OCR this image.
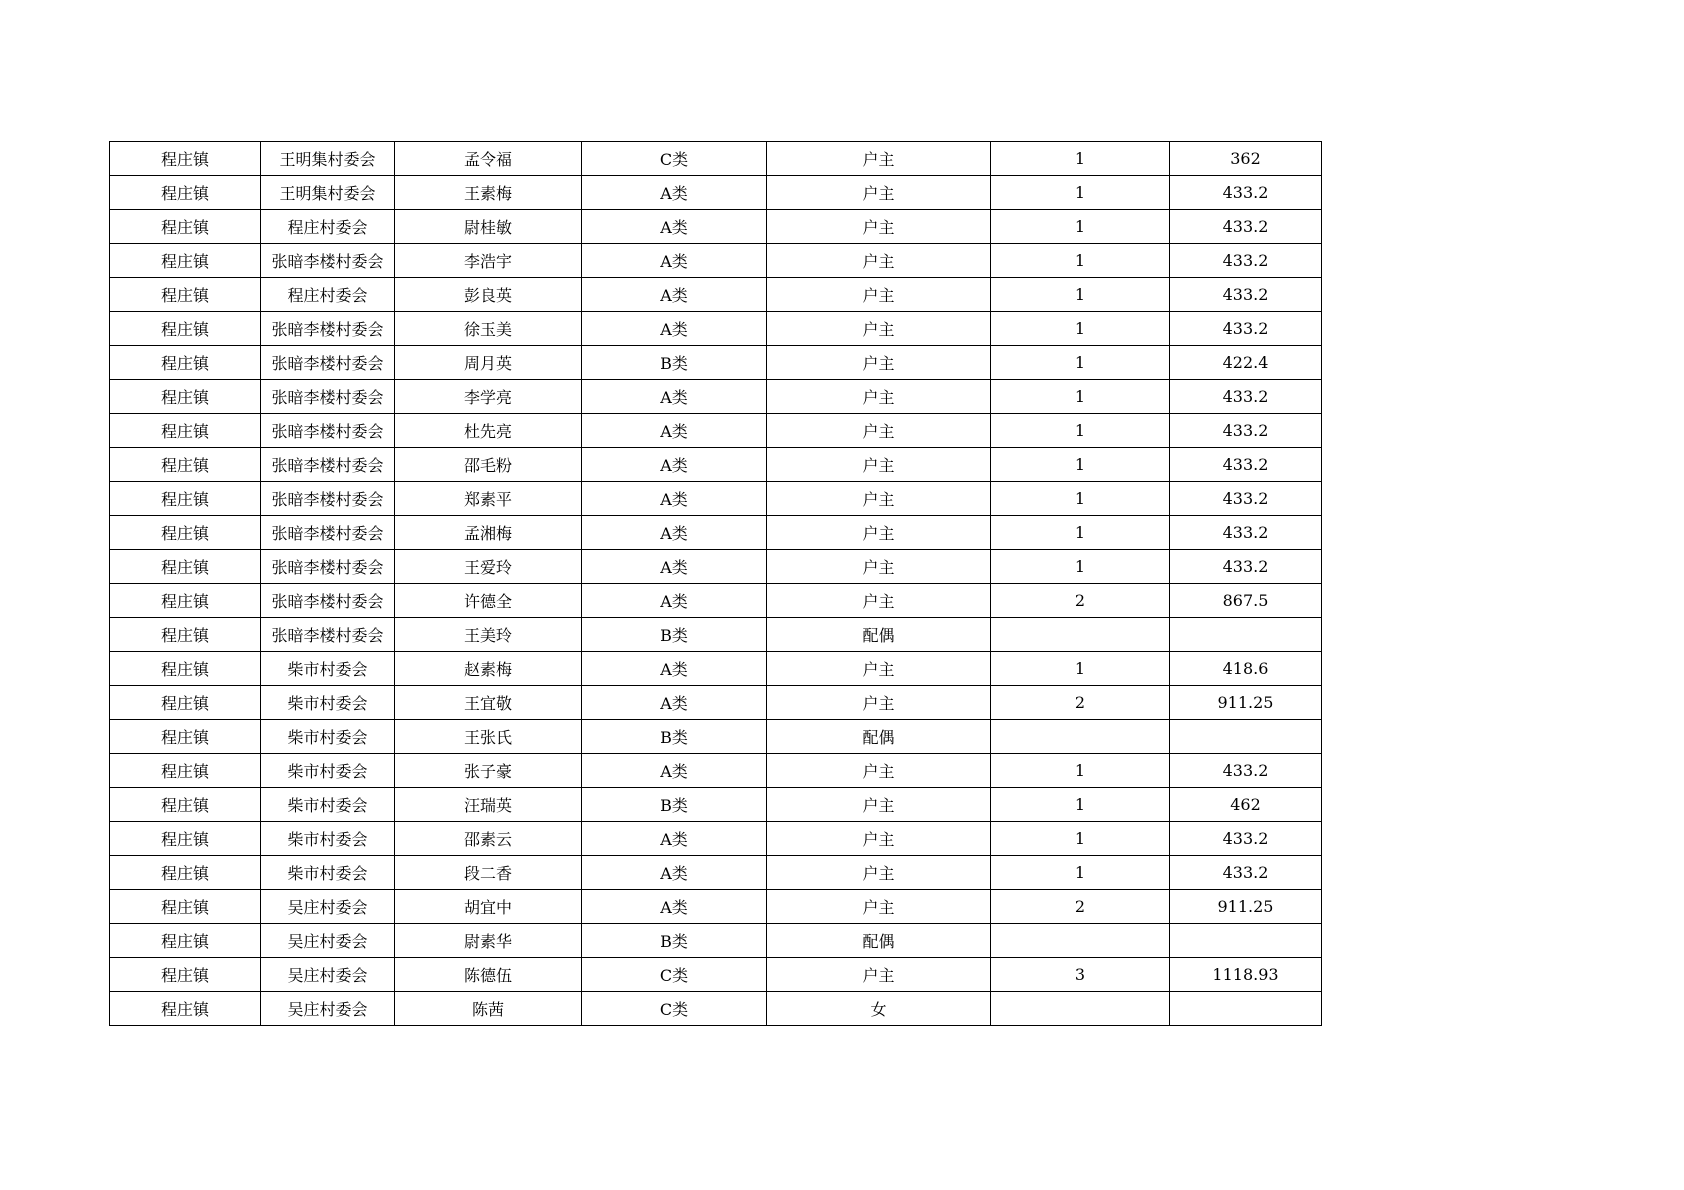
程庄镇	王明集村委会	孟令福	C类	户主	1	362
程庄镇	王明集村委会	王素梅	A类	户主	1	433.2
程庄镇	程庄村委会	尉桂敏	A类	户主	1	433.2
程庄镇	张暗李楼村委会	李浩宇	A类	户主	1	433.2
程庄镇	程庄村委会	彭良英	A类	户主	1	433.2
程庄镇	张暗李楼村委会	徐玉美	A类	户主	1	433.2
程庄镇	张暗李楼村委会	周月英	B类	户主	1	422.4
程庄镇	张暗李楼村委会	李学亮	A类	户主	1	433.2
程庄镇	张暗李楼村委会	杜先亮	A类	户主	1	433.2
程庄镇	张暗李楼村委会	邵毛粉	A类	户主	1	433.2
程庄镇	张暗李楼村委会	郑素平	A类	户主	1	433.2
程庄镇	张暗李楼村委会	孟湘梅	A类	户主	1	433.2
程庄镇	张暗李楼村委会	王爱玲	A类	户主	1	433.2
程庄镇	张暗李楼村委会	许德全	A类	户主	2	867.5
程庄镇	张暗李楼村委会	王美玲	B类	配偶		
程庄镇	柴市村委会	赵素梅	A类	户主	1	418.6
程庄镇	柴市村委会	王宜敬	A类	户主	2	911.25
程庄镇	柴市村委会	王张氏	B类	配偶		
程庄镇	柴市村委会	张子豪	A类	户主	1	433.2
程庄镇	柴市村委会	汪瑞英	B类	户主	1	462
程庄镇	柴市村委会	邵素云	A类	户主	1	433.2
程庄镇	柴市村委会	段二香	A类	户主	1	433.2
程庄镇	吴庄村委会	胡宜中	A类	户主	2	911.25
程庄镇	吴庄村委会	尉素华	B类	配偶		
程庄镇	吴庄村委会	陈德伍	C类	户主	3	1118.93
程庄镇	吴庄村委会	陈茜	C类	女		
